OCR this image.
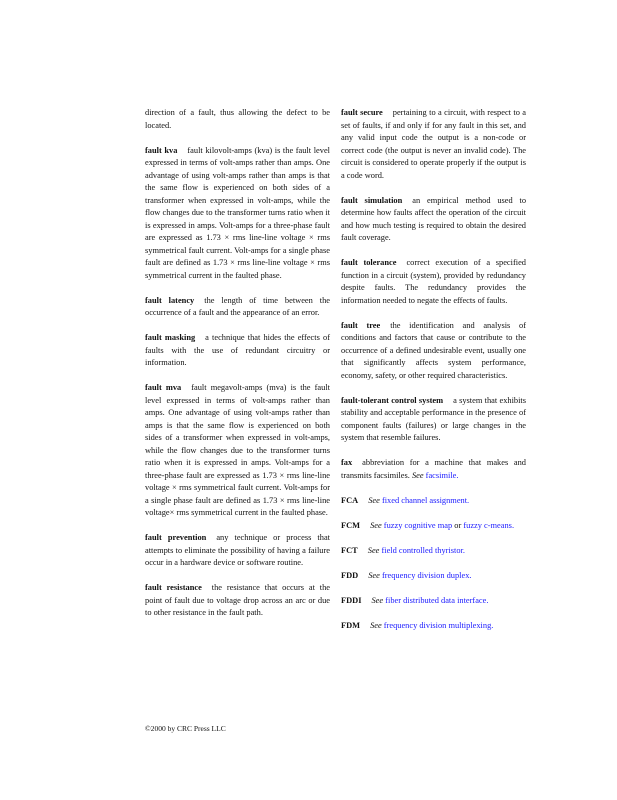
direction of a fault, thus allowing the defect to be located.

fault kva fault kilovolt-amps (kva) is the fault level expressed in terms of volt-amps rather than amps. One advantage of using volt-amps rather than amps is that the same flow is experienced on both sides of a transformer when expressed in volt-amps, while the flow changes due to the transformer turns ratio when it is expressed in amps. Volt-amps for a three-phase fault are expressed as 1.73 × rms line-line voltage × rms symmetrical fault current. Volt-amps for a single phase fault are defined as 1.73 × rms line-line voltage × rms symmetrical current in the faulted phase.

fault latency the length of time between the occurrence of a fault and the appearance of an error.

fault masking a technique that hides the effects of faults with the use of redundant circuitry or information.

fault mva fault megavolt-amps (mva) is the fault level expressed in terms of volt-amps rather than amps. One advantage of using volt-amps rather than amps is that the same flow is experienced on both sides of a transformer when expressed in volt-amps, while the flow changes due to the transformer turns ratio when it is expressed in amps. Volt-amps for a three-phase fault are expressed as 1.73 × rms line-line voltage × rms symmetrical fault current. Volt-amps for a single phase fault are defined as 1.73 × rms line-line voltage× rms symmetrical current in the faulted phase.

fault prevention any technique or process that attempts to eliminate the possibility of having a failure occur in a hardware device or software routine.

fault resistance the resistance that occurs at the point of fault due to voltage drop across an arc or due to other resistance in the fault path.

fault secure pertaining to a circuit, with respect to a set of faults, if and only if for any fault in this set, and any valid input code the output is a non-code or correct code (the output is never an invalid code). The circuit is considered to operate properly if the output is a code word.

fault simulation an empirical method used to determine how faults affect the operation of the circuit and how much testing is required to obtain the desired fault coverage.

fault tolerance correct execution of a specified function in a circuit (system), provided by redundancy despite faults. The redundancy provides the information needed to negate the effects of faults.

fault tree the identification and analysis of conditions and factors that cause or contribute to the occurrence of a defined undesirable event, usually one that significantly affects system performance, economy, safety, or other required characteristics.

fault-tolerant control system a system that exhibits stability and acceptable performance in the presence of component faults (failures) or large changes in the system that resemble failures.

fax abbreviation for a machine that makes and transmits facsimiles. See facsimile.

FCA See fixed channel assignment.

FCM See fuzzy cognitive map or fuzzy c-means.

FCT See field controlled thyristor.

FDD See frequency division duplex.

FDDI See fiber distributed data interface.

FDM See frequency division multiplexing.

©2000 by CRC Press LLC
